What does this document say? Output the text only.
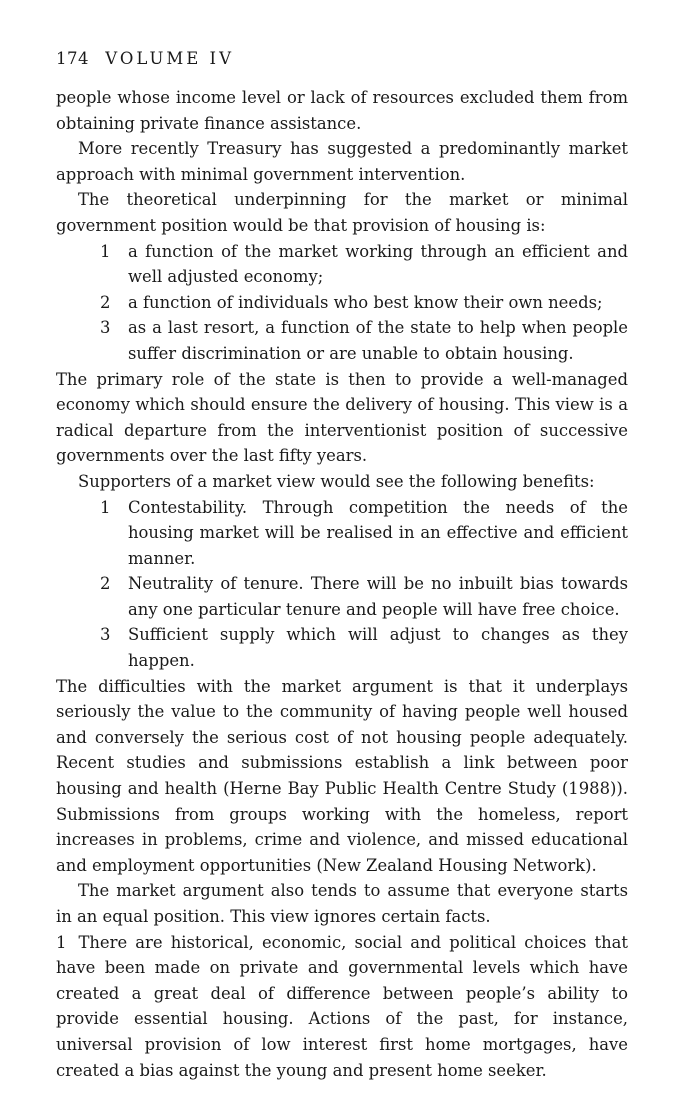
174 VOLUME IV

people whose income level or lack of resources excluded them from obtaining private finance assistance.

More recently Treasury has suggested a predominantly market approach with minimal government intervention.

The theoretical underpinning for the market or minimal government position would be that provision of housing is:

1 a function of the market working through an efficient and well adjusted economy;
2 a function of individuals who best know their own needs;
3 as a last resort, a function of the state to help when people suffer discrimination or are unable to obtain housing.

The primary role of the state is then to provide a well-managed economy which should ensure the delivery of housing. This view is a radical departure from the interventionist position of successive governments over the last fifty years.

Supporters of a market view would see the following benefits:

1 Contestability. Through competition the needs of the housing market will be realised in an effective and efficient manner.
2 Neutrality of tenure. There will be no inbuilt bias towards any one particular tenure and people will have free choice.
3 Sufficient supply which will adjust to changes as they happen.

The difficulties with the market argument is that it underplays seriously the value to the community of having people well housed and conversely the serious cost of not housing people adequately. Recent studies and submissions establish a link between poor housing and health (Herne Bay Public Health Centre Study (1988)). Submissions from groups working with the homeless, report increases in problems, crime and violence, and missed educational and employment opportunities (New Zealand Housing Network).

The market argument also tends to assume that everyone starts in an equal position. This view ignores certain facts.

1 There are historical, economic, social and political choices that have been made on private and governmental levels which have created a great deal of difference between people’s ability to provide essential housing. Actions of the past, for instance, universal provision of low interest first home mortgages, have created a bias against the young and present home seeker.
